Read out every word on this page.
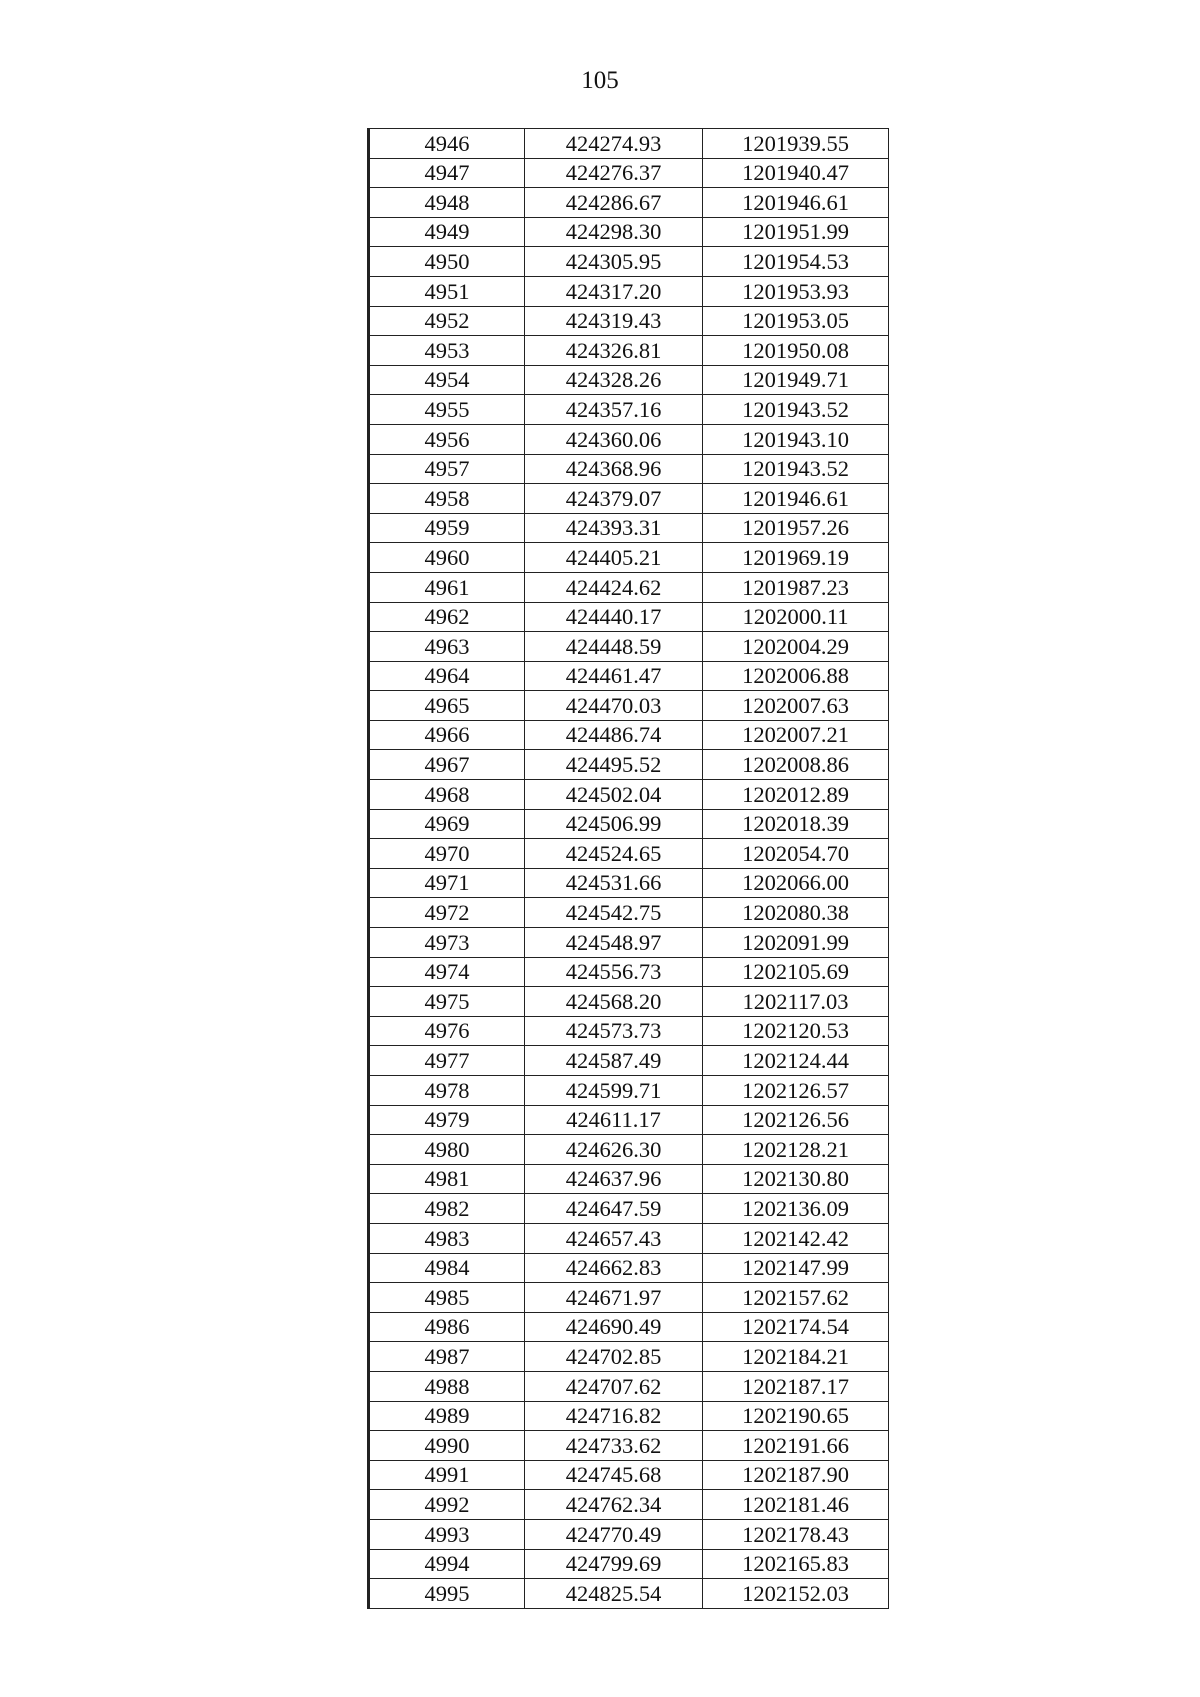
105
4946	424274.93	1201939.55
4947	424276.37	1201940.47
4948	424286.67	1201946.61
4949	424298.30	1201951.99
4950	424305.95	1201954.53
4951	424317.20	1201953.93
4952	424319.43	1201953.05
4953	424326.81	1201950.08
4954	424328.26	1201949.71
4955	424357.16	1201943.52
4956	424360.06	1201943.10
4957	424368.96	1201943.52
4958	424379.07	1201946.61
4959	424393.31	1201957.26
4960	424405.21	1201969.19
4961	424424.62	1201987.23
4962	424440.17	1202000.11
4963	424448.59	1202004.29
4964	424461.47	1202006.88
4965	424470.03	1202007.63
4966	424486.74	1202007.21
4967	424495.52	1202008.86
4968	424502.04	1202012.89
4969	424506.99	1202018.39
4970	424524.65	1202054.70
4971	424531.66	1202066.00
4972	424542.75	1202080.38
4973	424548.97	1202091.99
4974	424556.73	1202105.69
4975	424568.20	1202117.03
4976	424573.73	1202120.53
4977	424587.49	1202124.44
4978	424599.71	1202126.57
4979	424611.17	1202126.56
4980	424626.30	1202128.21
4981	424637.96	1202130.80
4982	424647.59	1202136.09
4983	424657.43	1202142.42
4984	424662.83	1202147.99
4985	424671.97	1202157.62
4986	424690.49	1202174.54
4987	424702.85	1202184.21
4988	424707.62	1202187.17
4989	424716.82	1202190.65
4990	424733.62	1202191.66
4991	424745.68	1202187.90
4992	424762.34	1202181.46
4993	424770.49	1202178.43
4994	424799.69	1202165.83
4995	424825.54	1202152.03
